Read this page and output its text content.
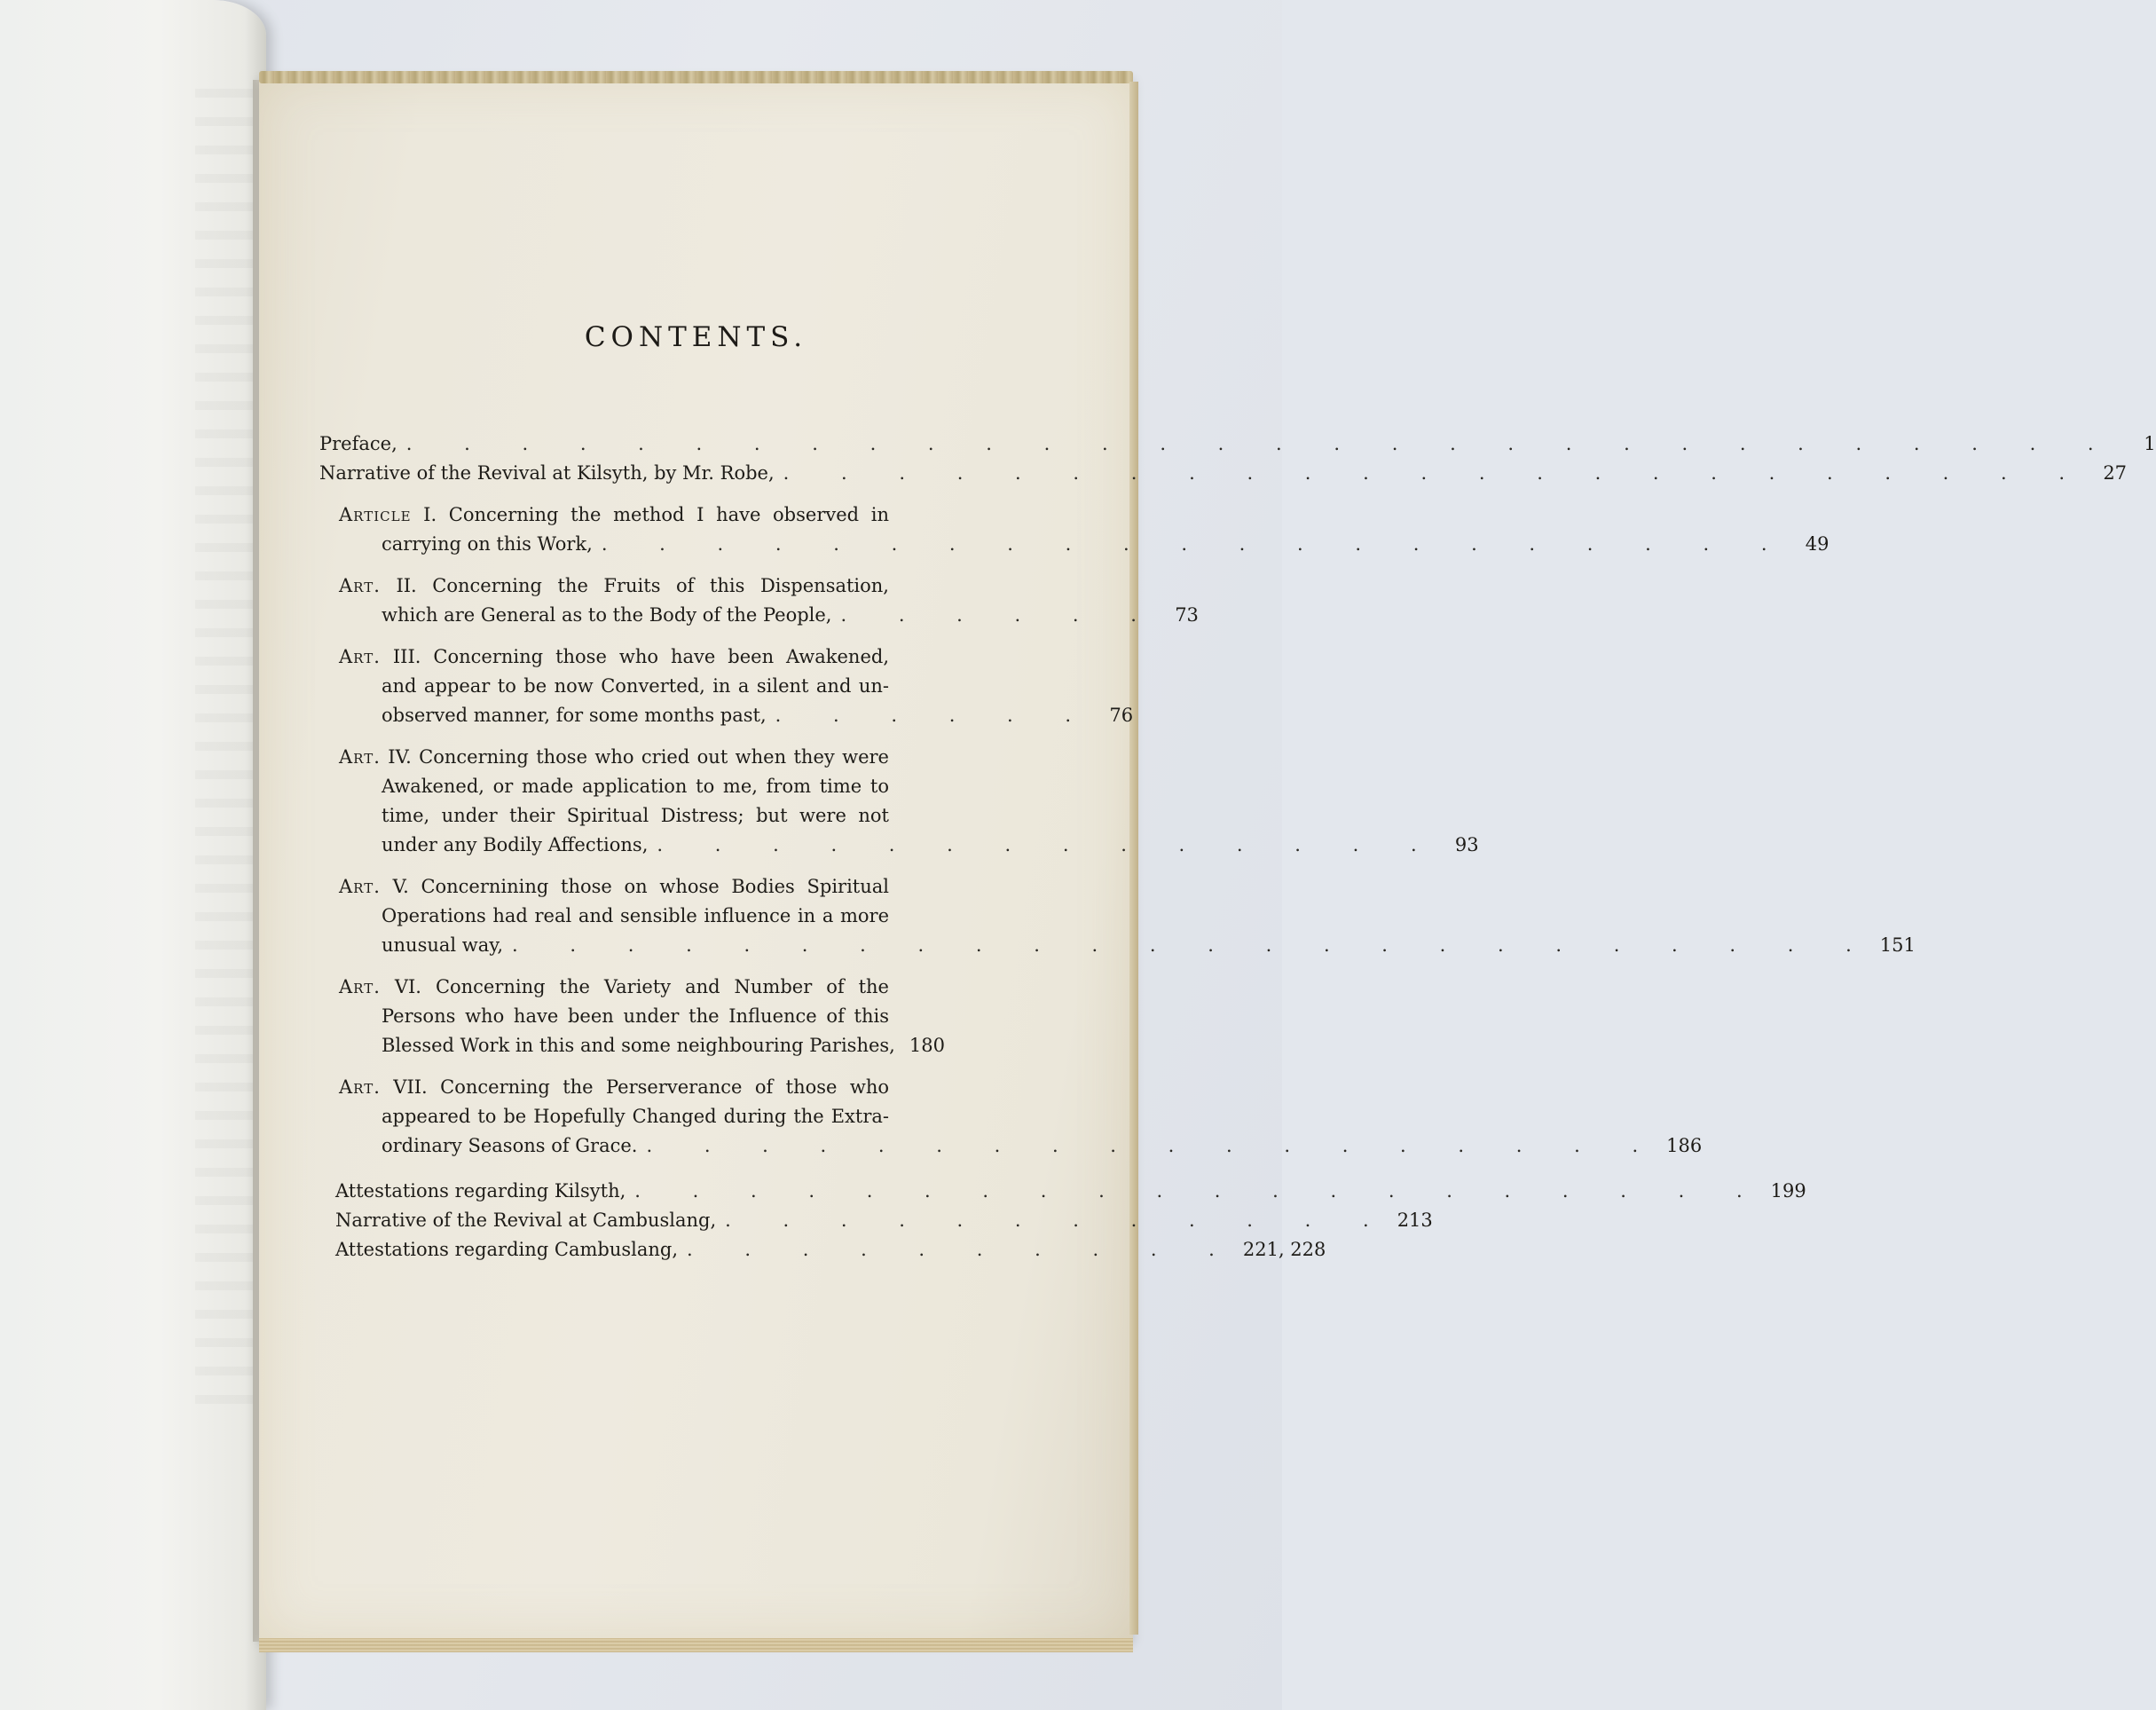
CONTENTS.
Preface, . . . . . . . . . . . . . . . . . . . . . . . . . . . . . .	1
Narrative of the Revival at Kilsyth, by Mr. Robe, . . . . . . . . . . . . . . . . . . . . . . . 27
Article I. Concerning the method I have observed in
carrying on this Work, . . . . . . . . . . . . . . . . . . . . . 49
Art. II. Concerning the Fruits of this Dispensation,
which are General as to the Body of the People, . . . . . . 73
Art. III. Concerning those who have been Awakened,
and appear to be now Converted, in a silent and un-
observed manner, for some months past, . . . . . . 76
Art. IV. Concerning those who cried out when they were
Awakened, or made application to me, from time to
time, under their Spiritual Distress; but were not
under any Bodily Affections, . . . . . . . . . . . . . . 93
Art. V. Concernining those on whose Bodies Spiritual
Operations had real and sensible influence in a more
unusual way, . . . . . . . . . . . . . . . . . . . . . . . . 151
Art. VI. Concerning the Variety and Number of the
Persons who have been under the Influence of this
Blessed Work in this and some neighbouring Parishes, 180
Art. VII. Concerning the Perserverance of those who
appeared to be Hopefully Changed during the Extra-
ordinary Seasons of Grace. . . . . . . . . . . . . . . . . . . 186
Attestations regarding Kilsyth, . . . . . . . . . . . . . . . . . . . . 199
Narrative of the Revival at Cambuslang, . . . . . . . . . . . . 213
Attestations regarding Cambuslang, . . . . . . . . . . 221, 228
